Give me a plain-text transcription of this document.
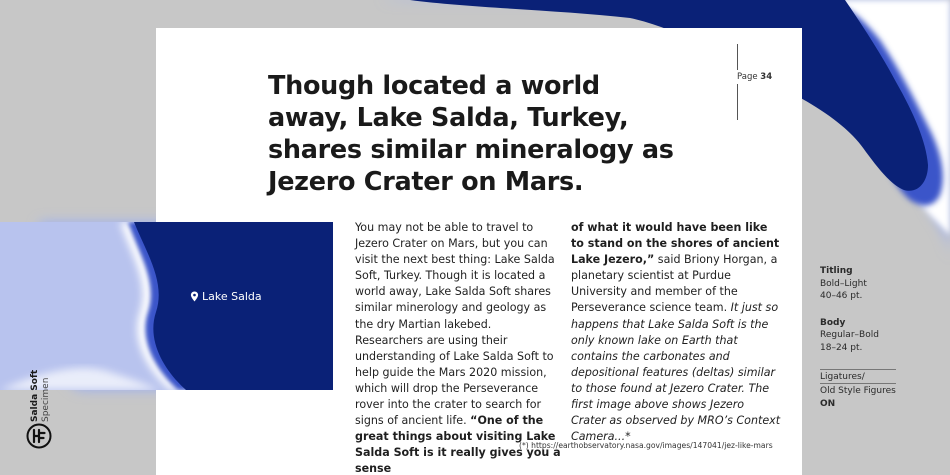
Lake Salda
Though located a world away, Lake Salda, Turkey, shares similar mineralogy as Jezero Crater on Mars.
Page 34
You may not be able to travel to Jezero Crater on Mars, but you can visit the next best thing: Lake Salda Soft, Turkey. Though it is located a world away, Lake Salda Soft shares similar minerology and geology as the dry Martian lakebed. Researchers are using their understanding of Lake Salda Soft to help guide the Mars 2020 mission, which will drop the Perseverance rover into the crater to search for signs of ancient life. “One of the great things about visiting Lake Salda Soft is it really gives you a sense
of what it would have been like to stand on the shores of ancient Lake Jezero,” said Briony Horgan, a planetary scientist at Purdue University and member of the Perseverance science team. It just so happens that Lake Salda Soft is the only known lake on Earth that contains the carbonates and depositional features (deltas) similar to those found at Jezero Crater. The first image above shows Jezero Crater as observed by MRO’s Context Camera...*
(*) https://earthobservatory.nasa.gov/images/147041/jez-like-mars
Titling
Bold–Light
40–46 pt.
Body
Regular–Bold
18–24 pt.
Ligatures/
Old Style Figures
ON
Salda Soft
Specimen
